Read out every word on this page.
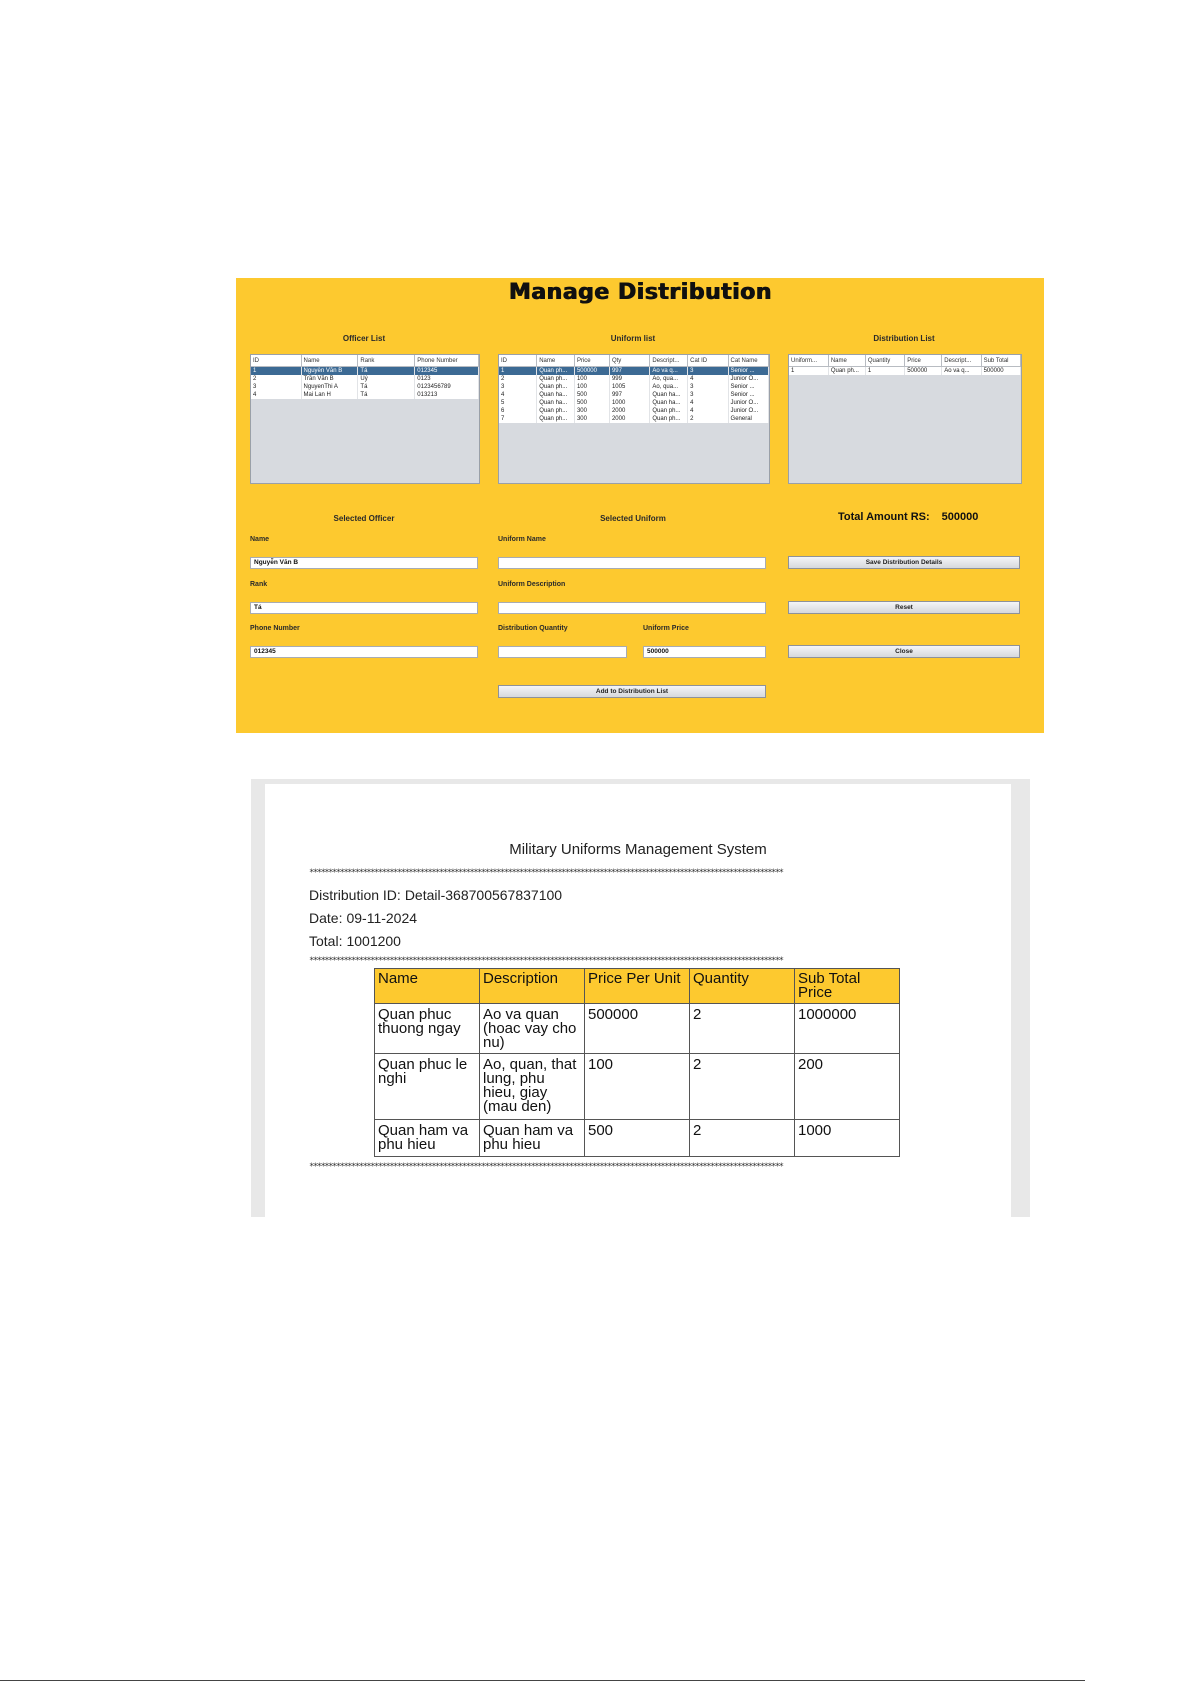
Manage Distribution
Officer List	Uniform list	Distribution List
ID	Name	Rank	Phone Number
1	Nguyễn Văn B	Tá	012345
2	Trần Văn B	Uý	0123
3	NguyenThi A	Tá	0123456789
4	Mai Lan H	Tá	013213
ID	Name	Price	Qty	Descript...	Cat ID	Cat Name
1	Quan ph...	500000	997	Ao va q...	3	Senior ...
2	Quan ph...	100	999	Ao, qua...	4	Junior O...
3	Quan ph...	100	1005	Ao, qua...	3	Senior ...
4	Quan ha...	500	997	Quan ha...	3	Senior ...
5	Quan ha...	500	1000	Quan ha...	4	Junior O...
6	Quan ph...	300	2000	Quan ph...	4	Junior O...
7	Quan ph...	300	2000	Quan ph...	2	General
Uniform...	Name	Quantity	Price	Descript...	Sub Total
1	Quan ph...	1	500000	Ao va q...	500000
Selected Officer
Name
Nguyễn Văn B
Rank
Tá
Phone Number
012345
Selected Uniform
Uniform Name
Uniform Description
Distribution Quantity	Uniform Price
500000
Add to Distribution List
Total Amount RS: 500000
Save Distribution Details
Reset
Close
Military Uniforms Management System
****************************************************************************************************************************
Distribution ID: Detail-368700567837100
Date: 09-11-2024
Total: 1001200
****************************************************************************************************************************
Name	Description	Price Per Unit	Quantity	Sub Total Price
Quan phuc thuong ngay	Ao va quan (hoac vay cho nu)	500000	2	1000000
Quan phuc le nghi	Ao, quan, that lung, phu hieu, giay (mau den)	100	2	200
Quan ham va phu hieu	Quan ham va phu hieu	500	2	1000
****************************************************************************************************************************
